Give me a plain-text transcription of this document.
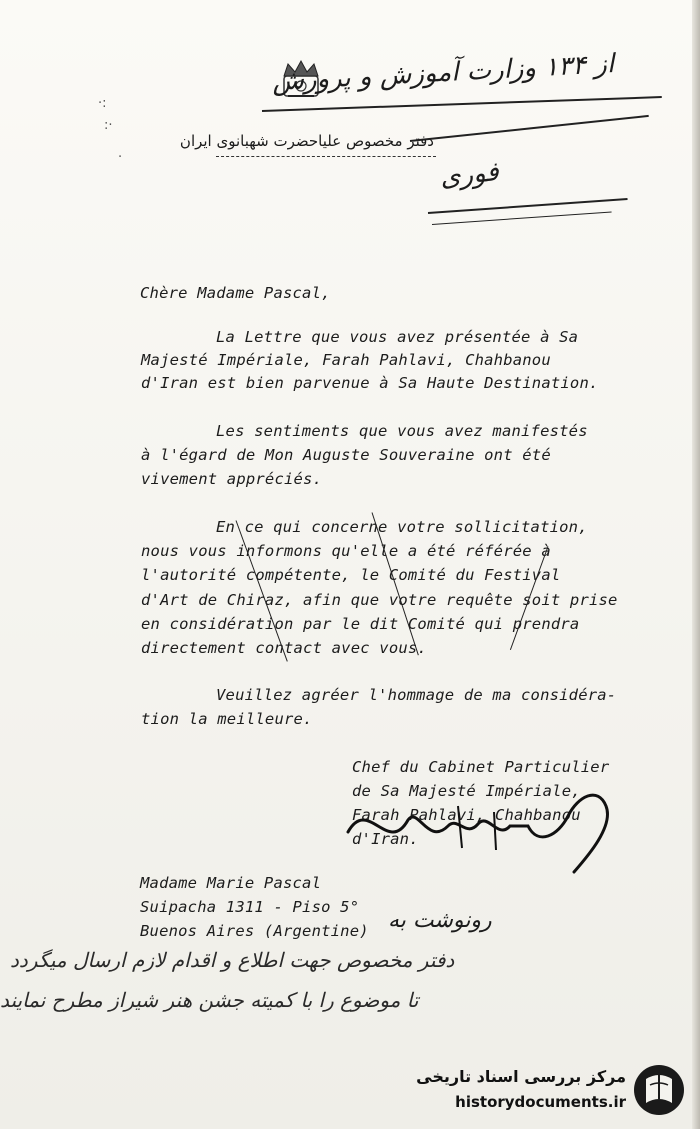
·:
:·
·
از ۱۳۴ وزارت آموزش و پرورش
دفتر مخصوص علیاحضرت شهبانوی ایران
فوری
Chère Madame Pascal,
La Lettre que vous avez présentée à Sa
Majesté Impériale, Farah Pahlavi, Chahbanou
d'Iran est bien parvenue à Sa Haute Destination.
Les sentiments que vous avez manifestés
à l'égard de Mon Auguste Souveraine ont été
vivement appréciés.
En ce qui concerne votre sollicitation,
nous vous informons qu'elle a été référée à
l'autorité compétente, le Comité du Festival
d'Art de Chiraz, afin que votre requête soit prise
en considération par le dit Comité qui prendra
directement contact avec vous.
Veuillez agréer l'hommage de ma considéra-
tion la meilleure.
Chef du Cabinet Particulier
de Sa Majesté Impériale,
Farah Pahlavi, Chahbanou
d'Iran.
Madame Marie Pascal
Suipacha 1311 - Piso 5°
Buenos Aires (Argentine) رونوشت به
دفتر مخصوص جهت اطلاع و اقدام لازم ارسال میگردد
تا موضوع را با کمیته جشن هنر شیراز مطرح نمایند
مرکز بررسی اسناد تاریخی
historydocuments.ir
